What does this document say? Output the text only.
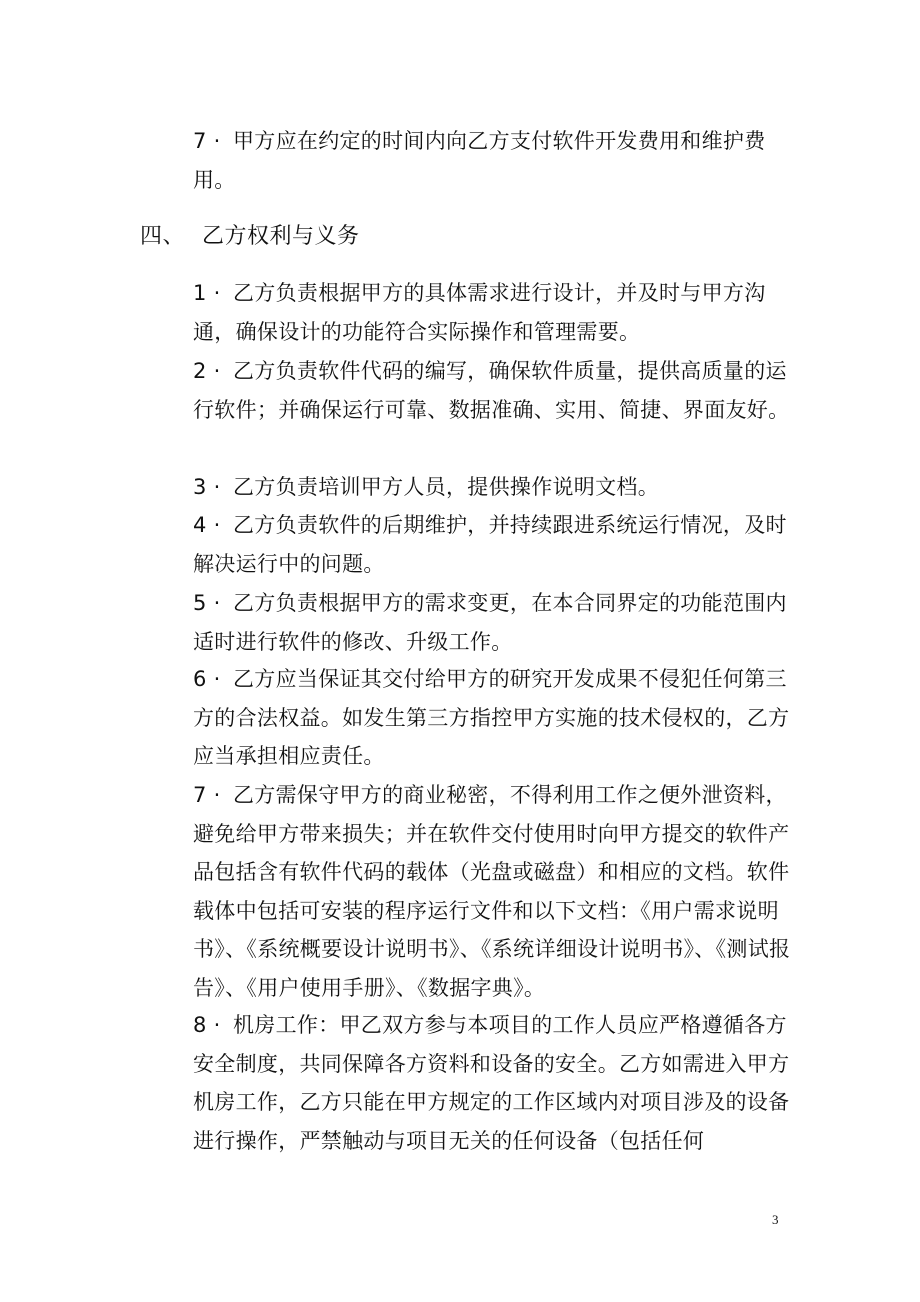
7 · 甲方应在约定的时间内向乙方支付软件开发费用和维护费用。
四、 乙方权利与义务
1 · 乙方负责根据甲方的具体需求进行设计，并及时与甲方沟通，确保设计的功能符合实际操作和管理需要。
2 · 乙方负责软件代码的编写，确保软件质量，提供高质量的运行软件；并确保运行可靠、数据准确、实用、简捷、界面友好。
3 · 乙方负责培训甲方人员，提供操作说明文档。
4 · 乙方负责软件的后期维护，并持续跟进系统运行情况，及时解决运行中的问题。
5 · 乙方负责根据甲方的需求变更，在本合同界定的功能范围内适时进行软件的修改、升级工作。
6 · 乙方应当保证其交付给甲方的研究开发成果不侵犯任何第三方的合法权益。如发生第三方指控甲方实施的技术侵权的，乙方应当承担相应责任。
7 · 乙方需保守甲方的商业秘密，不得利用工作之便外泄资料，避免给甲方带来损失；并在软件交付使用时向甲方提交的软件产品包括含有软件代码的载体（光盘或磁盘）和相应的文档。软件载体中包括可安装的程序运行文件和以下文档：《用户需求说明书》、《系统概要设计说明书》、《系统详细设计说明书》、《测试报告》、《用户使用手册》、《数据字典》。
8 · 机房工作：甲乙双方参与本项目的工作人员应严格遵循各方安全制度，共同保障各方资料和设备的安全。乙方如需进入甲方机房工作，乙方只能在甲方规定的工作区域内对项目涉及的设备进行操作，严禁触动与项目无关的任何设备（包括任何
3
